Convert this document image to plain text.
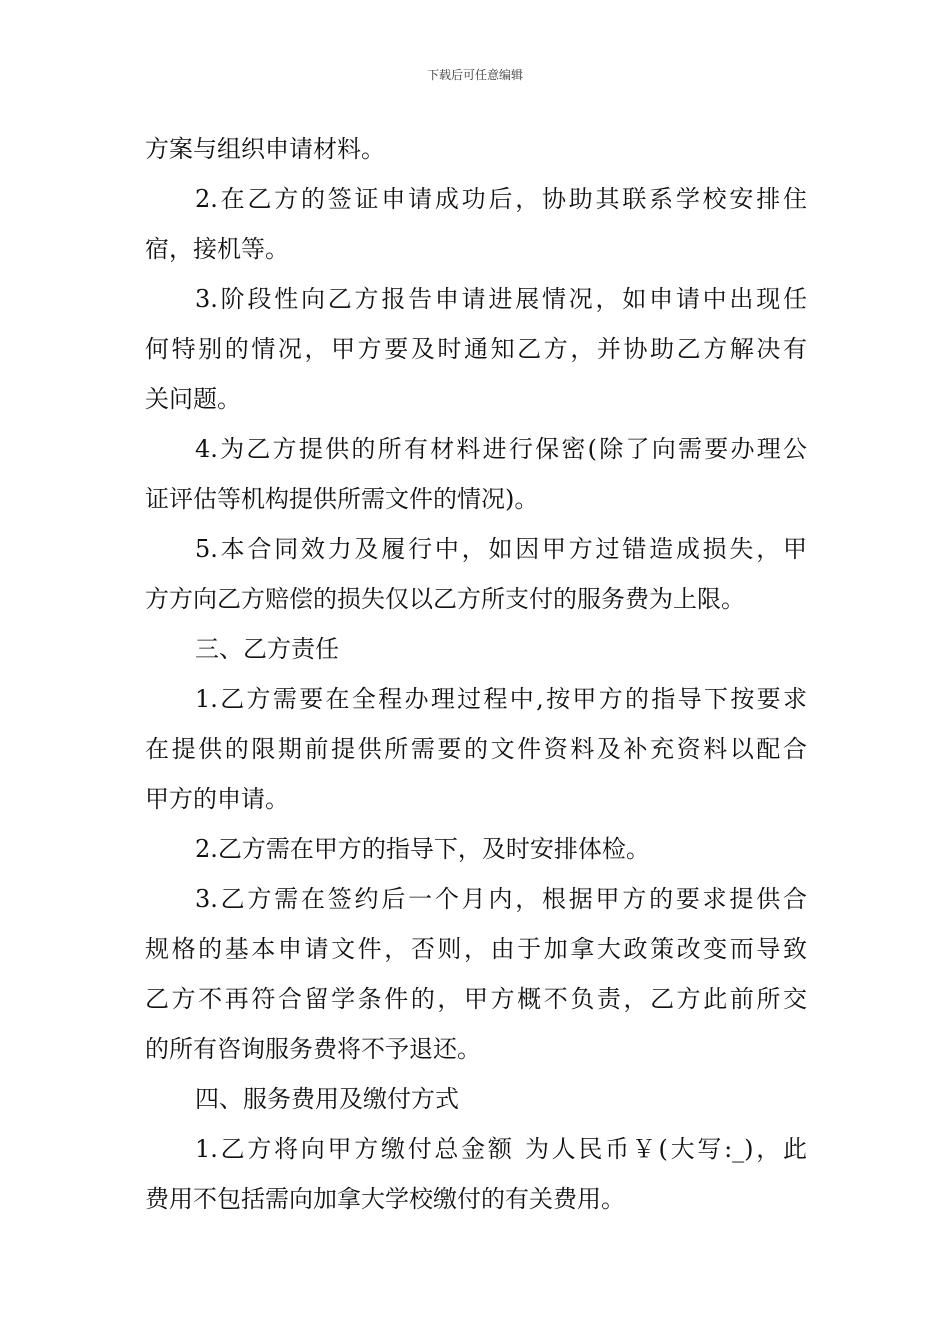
下载后可任意编辑
方案与组织申请材料。
2.在乙方的签证申请成功后，协助其联系学校安排住
宿，接机等。
3.阶段性向乙方报告申请进展情况，如申请中出现任
何特别的情况，甲方要及时通知乙方，并协助乙方解决有
关问题。
4.为乙方提供的所有材料进行保密(除了向需要办理公
证评估等机构提供所需文件的情况)。
5.本合同效力及履行中，如因甲方过错造成损失，甲
方方向乙方赔偿的损失仅以乙方所支付的服务费为上限。
三、乙方责任
1.乙方需要在全程办理过程中,按甲方的指导下按要求
在提供的限期前提供所需要的文件资料及补充资料以配合
甲方的申请。
2.乙方需在甲方的指导下，及时安排体检。
3.乙方需在签约后一个月内，根据甲方的要求提供合
规格的基本申请文件，否则，由于加拿大政策改变而导致
乙方不再符合留学条件的，甲方概不负责，乙方此前所交
的所有咨询服务费将不予退还。
四、服务费用及缴付方式
1.乙方将向甲方缴付总金额 为人民币￥(大写:_)，此
费用不包括需向加拿大学校缴付的有关费用。
